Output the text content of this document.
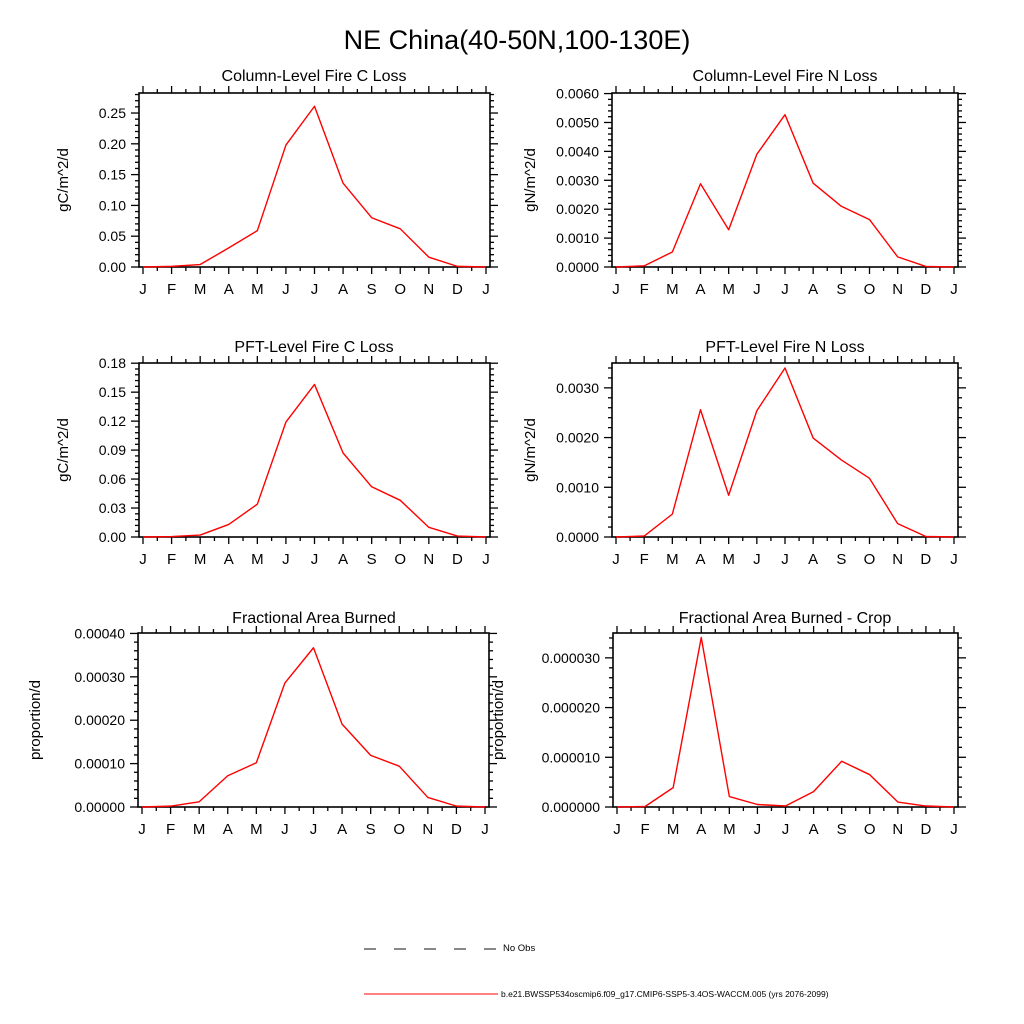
NE China(40-50N,100-130E)
Column-Level Fire C Loss	Column-Level Fire N Loss
PFT-Level Fire C Loss	PFT-Level Fire N Loss
Fractional Area Burned	Fractional Area Burned - Crop
gC/m^2/d	gN/m^2/d
gC/m^2/d	gN/m^2/d
proportion/d	proportion/d
J F M A M J J A S O N D J
0.00
0.05
0.10
0.15
0.20
0.25
J F M A M J J A S O N D J
0.0000
0.0010
0.0020
0.0030
0.0040
0.0050
0.0060
J F M A M J J A S O N D J
0.00
0.03
0.06
0.09
0.12
0.15
0.18
J F M A M J J A S O N D J
0.0000
0.0010
0.0020
0.0030
J F M A M J J A S O N D J
0.00000
0.00010
0.00020
0.00030
0.00040
J F M A M J J A S O N D J
0.000000
0.000010
0.000020
0.000030
No Obs
b.e21.BWSSP534oscmip6.f09_g17.CMIP6-SSP5-3.4OS-WACCM.005 (yrs 2076-2099)
